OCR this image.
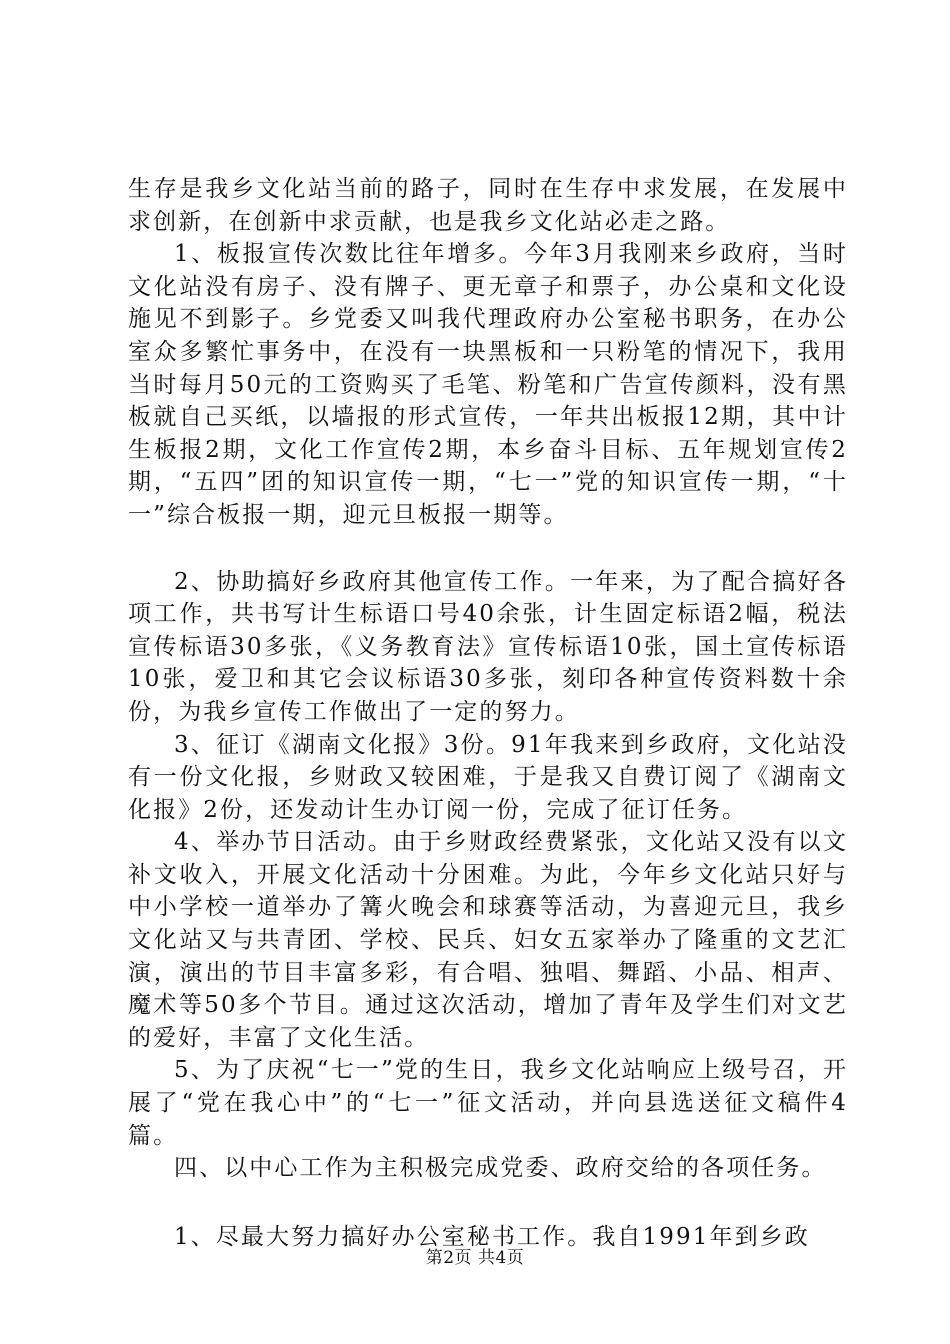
生存是我乡文化站当前的路子，同时在生存中求发展，在发展中求创新，在创新中求贡献，也是我乡文化站必走之路。

1、板报宣传次数比往年增多。今年3月我刚来乡政府，当时文化站没有房子、没有牌子、更无章子和票子，办公桌和文化设施见不到影子。乡党委又叫我代理政府办公室秘书职务，在办公室众多繁忙事务中，在没有一块黑板和一只粉笔的情况下，我用当时每月50元的工资购买了毛笔、粉笔和广告宣传颜料，没有黑板就自己买纸，以墙报的形式宣传，一年共出板报12期，其中计生板报2期，文化工作宣传2期，本乡奋斗目标、五年规划宣传2期，“五四”团的知识宣传一期，“七一”党的知识宣传一期，“十一”综合板报一期，迎元旦板报一期等。

2、协助搞好乡政府其他宣传工作。一年来，为了配合搞好各项工作，共书写计生标语口号40余张，计生固定标语2幅，税法宣传标语30多张，《义务教育法》宣传标语10张，国土宣传标语10张，爱卫和其它会议标语30多张，刻印各种宣传资料数十余份，为我乡宣传工作做出了一定的努力。

3、征订《湖南文化报》3份。91年我来到乡政府，文化站没有一份文化报，乡财政又较困难，于是我又自费订阅了《湖南文化报》2份，还发动计生办订阅一份，完成了征订任务。

4、举办节日活动。由于乡财政经费紧张，文化站又没有以文补文收入，开展文化活动十分困难。为此，今年乡文化站只好与中小学校一道举办了篝火晚会和球赛等活动，为喜迎元旦，我乡文化站又与共青团、学校、民兵、妇女五家举办了隆重的文艺汇演，演出的节目丰富多彩，有合唱、独唱、舞蹈、小品、相声、魔术等50多个节目。通过这次活动，增加了青年及学生们对文艺的爱好，丰富了文化生活。

5、为了庆祝“七一”党的生日，我乡文化站响应上级号召，开展了“党在我心中”的“七一”征文活动，并向县选送征文稿件4篇。

四、以中心工作为主积极完成党委、政府交给的各项任务。

1、尽最大努力搞好办公室秘书工作。我自1991年到乡政

第2页 共4页
